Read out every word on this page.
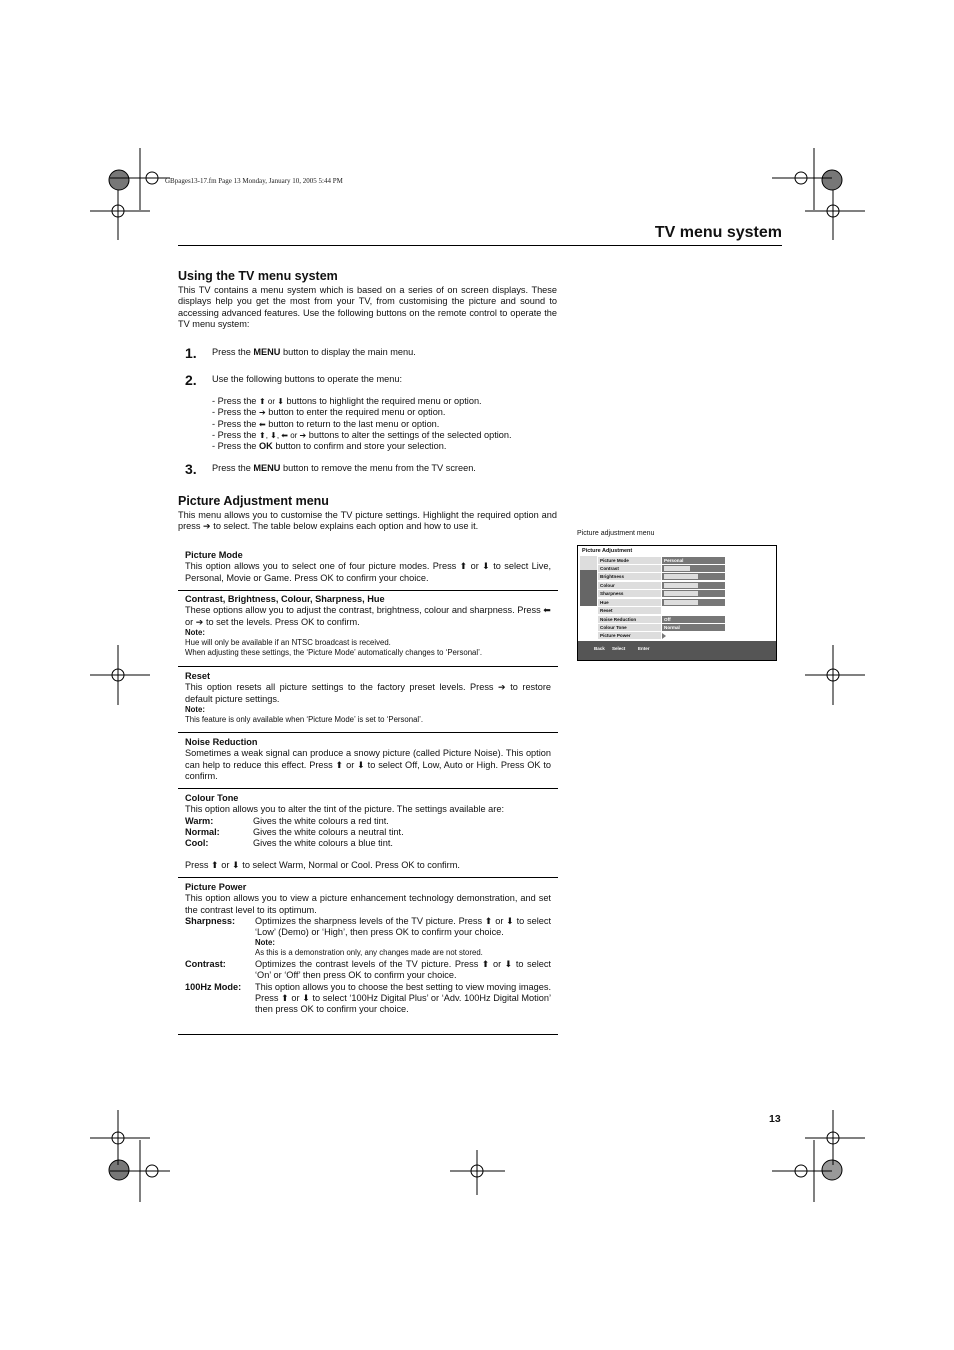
GBpages13-17.fm Page 13 Monday, January 10, 2005 5:44 PM
TV menu system
Using the TV menu system
This TV contains a menu system which is based on a series of on screen displays. These displays help you get the most from your TV, from customising the picture and sound to accessing advanced features. Use the following buttons on the remote control to operate the TV menu system:
1. Press the MENU button to display the main menu.
2. Use the following buttons to operate the menu:
- Press the ⬆ or ⬇ buttons to highlight the required menu or option.
- Press the ➔ button to enter the required menu or option.
- Press the ⬅ button to return to the last menu or option.
- Press the ⬆, ⬇, ⬅ or ➔ buttons to alter the settings of the selected option.
- Press the OK button to confirm and store your selection.
3. Press the MENU button to remove the menu from the TV screen.
Picture Adjustment menu
This menu allows you to customise the TV picture settings. Highlight the required option and press ➔ to select. The table below explains each option and how to use it.
Picture Mode
This option allows you to select one of four picture modes. Press ⬆ or ⬇ to select Live, Personal, Movie or Game. Press OK to confirm your choice.
Contrast, Brightness, Colour, Sharpness, Hue
These options allow you to adjust the contrast, brightness, colour and sharpness. Press ⬅ or ➔ to set the levels. Press OK to confirm.
Note:
Hue will only be available if an NTSC broadcast is received.
When adjusting these settings, the ‘Picture Mode’ automatically changes to ‘Personal’.
Reset
This option resets all picture settings to the factory preset levels. Press ➔ to restore default picture settings.
Note:
This feature is only available when ‘Picture Mode’ is set to ‘Personal’.
Noise Reduction
Sometimes a weak signal can produce a snowy picture (called Picture Noise). This option can help to reduce this effect. Press ⬆ or ⬇ to select Off, Low, Auto or High. Press OK to confirm.
Colour Tone
This option allows you to alter the tint of the picture. The settings available are:
Warm:	Gives the white colours a red tint.
Normal:	Gives the white colours a neutral tint.
Cool:	Gives the white colours a blue tint.
Press ⬆ or ⬇ to select Warm, Normal or Cool. Press OK to confirm.
Picture Power
This option allows you to view a picture enhancement technology demonstration, and set the contrast level to its optimum.
Sharpness:	Optimizes the sharpness levels of the TV picture. Press ⬆ or ⬇ to select ‘Low’ (Demo) or ‘High’, then press OK to confirm your choice.
Note:
As this is a demonstration only, any changes made are not stored.
Contrast:	Optimizes the contrast levels of the TV picture. Press ⬆ or ⬇ to select ‘On’ or ‘Off’ then press OK to confirm your choice.
100Hz Mode:	This option allows you to choose the best setting to view moving images. Press ⬆ or ⬇ to select ‘100Hz Digital Plus’ or ‘Adv. 100Hz Digital Motion’ then press OK to confirm your choice.
Picture adjustment menu
Picture Adjustment
Picture Mode	Personal
Contrast
Brightness
Colour
Sharpness
Hue
Reset
Noise Reduction	Off
Colour Tone	Normal
Picture Power
Back Select	Enter
13
